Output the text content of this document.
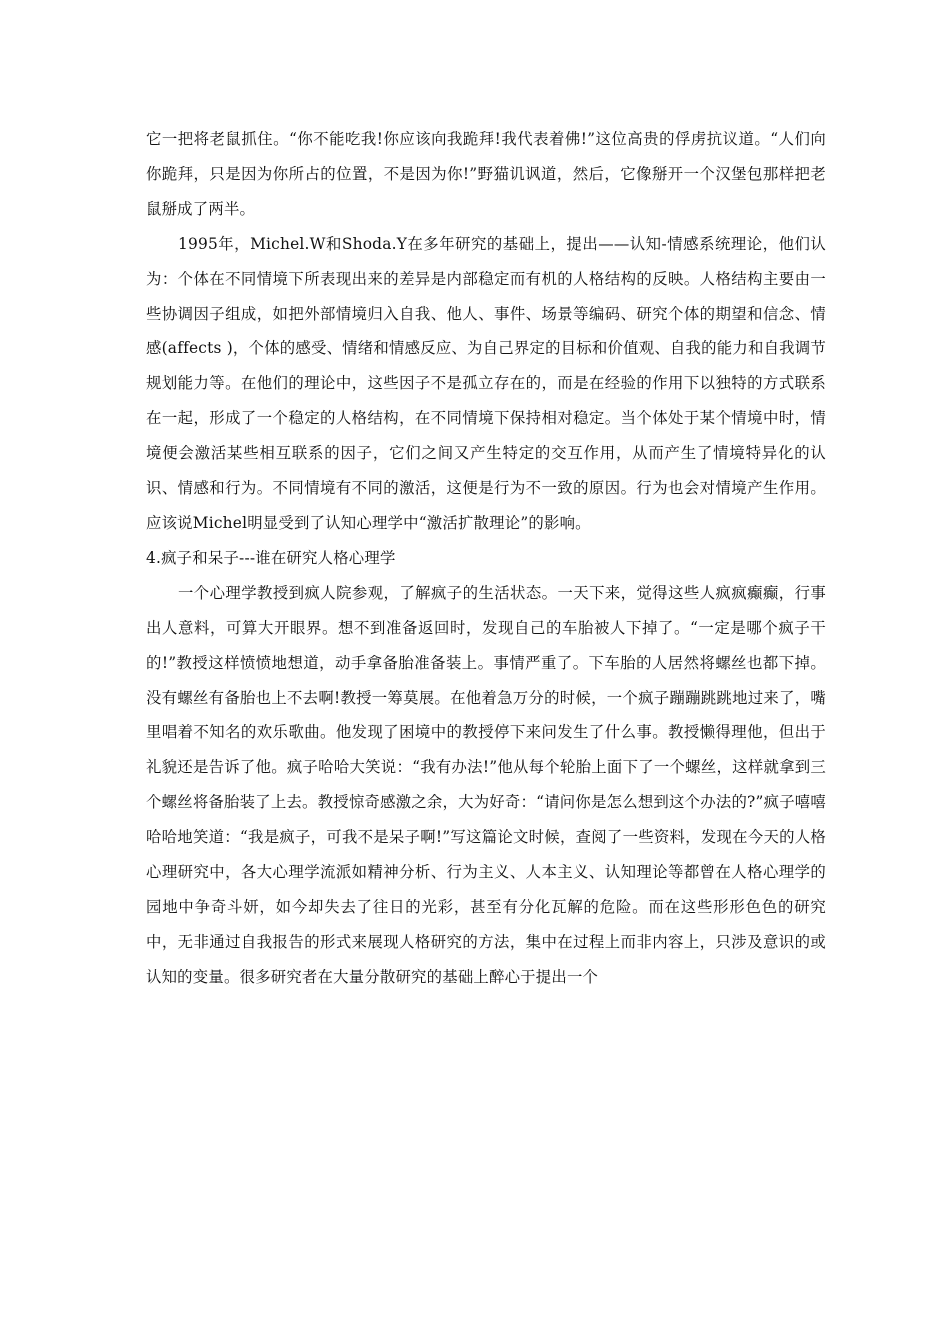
它一把将老鼠抓住。“你不能吃我!你应该向我跪拜!我代表着佛!”这位高贵的俘虏抗议道。“人们向你跪拜，只是因为你所占的位置，不是因为你!”野猫讥讽道，然后，它像掰开一个汉堡包那样把老鼠掰成了两半。

1995年，Michel.W和Shoda.Y在多年研究的基础上，提出——认知-情感系统理论，他们认为：个体在不同情境下所表现出来的差异是内部稳定而有机的人格结构的反映。人格结构主要由一些协调因子组成，如把外部情境归入自我、他人、事件、场景等编码、研究个体的期望和信念、情感(affects )，个体的感受、情绪和情感反应、为自己界定的目标和价值观、自我的能力和自我调节规划能力等。在他们的理论中，这些因子不是孤立存在的，而是在经验的作用下以独特的方式联系在一起，形成了一个稳定的人格结构，在不同情境下保持相对稳定。当个体处于某个情境中时，情境便会激活某些相互联系的因子，它们之间又产生特定的交互作用，从而产生了情境特异化的认识、情感和行为。不同情境有不同的激活，这便是行为不一致的原因。行为也会对情境产生作用。应该说Michel明显受到了认知心理学中“激活扩散理论”的影响。

4.疯子和呆子---谁在研究人格心理学

一个心理学教授到疯人院参观，了解疯子的生活状态。一天下来，觉得这些人疯疯癫癫，行事出人意料，可算大开眼界。想不到准备返回时，发现自己的车胎被人下掉了。“一定是哪个疯子干的!”教授这样愤愤地想道，动手拿备胎准备装上。事情严重了。下车胎的人居然将螺丝也都下掉。没有螺丝有备胎也上不去啊!教授一筹莫展。在他着急万分的时候，一个疯子蹦蹦跳跳地过来了，嘴里唱着不知名的欢乐歌曲。他发现了困境中的教授停下来问发生了什么事。教授懒得理他，但出于礼貌还是告诉了他。疯子哈哈大笑说：“我有办法!”他从每个轮胎上面下了一个螺丝，这样就拿到三个螺丝将备胎装了上去。教授惊奇感激之余，大为好奇：“请问你是怎么想到这个办法的?”疯子嘻嘻哈哈地笑道：“我是疯子，可我不是呆子啊!”写这篇论文时候，查阅了一些资料，发现在今天的人格心理研究中，各大心理学流派如精神分析、行为主义、人本主义、认知理论等都曾在人格心理学的园地中争奇斗妍，如今却失去了往日的光彩，甚至有分化瓦解的危险。而在这些形形色色的研究中，无非通过自我报告的形式来展现人格研究的方法，集中在过程上而非内容上，只涉及意识的或认知的变量。很多研究者在大量分散研究的基础上醉心于提出一个
